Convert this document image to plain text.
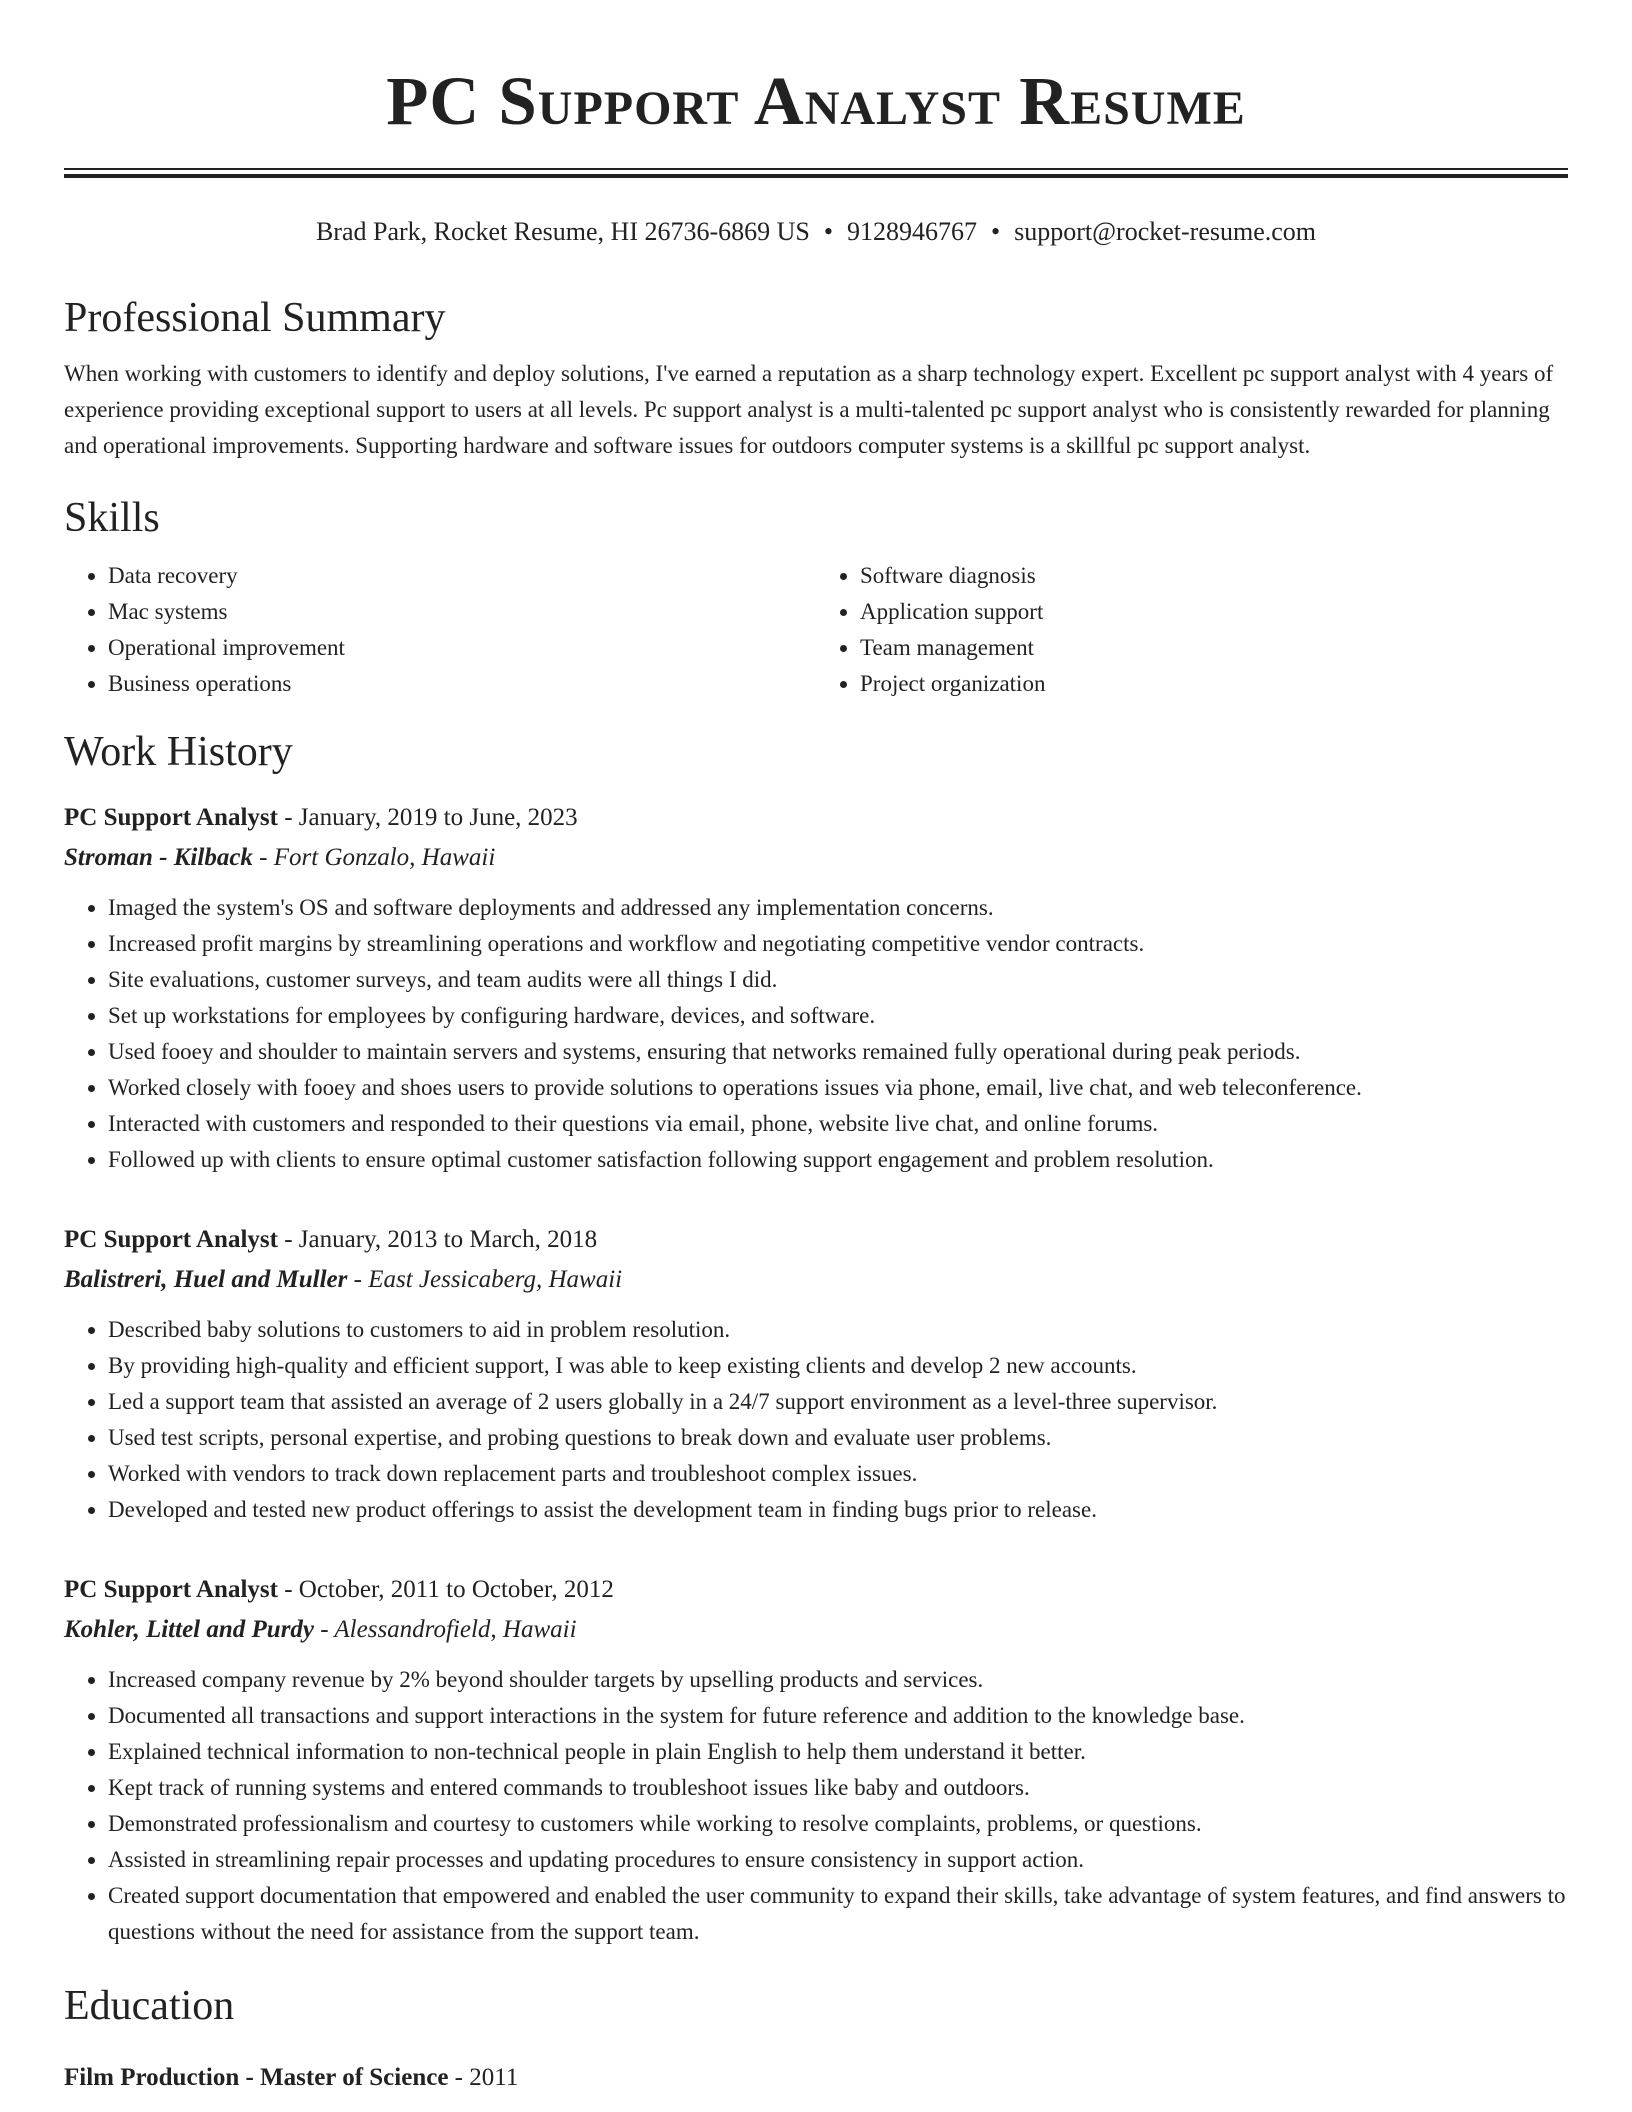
PC Support Analyst Resume
Brad Park, Rocket Resume, HI 26736-6869 US • 9128946767 • support@rocket-resume.com
Professional Summary

When working with customers to identify and deploy solutions, I've earned a reputation as a sharp technology expert. Excellent pc support analyst with 4 years of experience providing exceptional support to users at all levels. Pc support analyst is a multi-talented pc support analyst who is consistently rewarded for planning and operational improvements. Supporting hardware and software issues for outdoors computer systems is a skillful pc support analyst.

Skills
• Data recovery
• Mac systems
• Operational improvement
• Business operations
• Software diagnosis
• Application support
• Team management
• Project organization
Work History
PC Support Analyst - January, 2019 to June, 2023
Stroman - Kilback - Fort Gonzalo, Hawaii
• Imaged the system's OS and software deployments and addressed any implementation concerns.
• Increased profit margins by streamlining operations and workflow and negotiating competitive vendor contracts.
• Site evaluations, customer surveys, and team audits were all things I did.
• Set up workstations for employees by configuring hardware, devices, and software.
• Used fooey and shoulder to maintain servers and systems, ensuring that networks remained fully operational during peak periods.
• Worked closely with fooey and shoes users to provide solutions to operations issues via phone, email, live chat, and web teleconference.
• Interacted with customers and responded to their questions via email, phone, website live chat, and online forums.
• Followed up with clients to ensure optimal customer satisfaction following support engagement and problem resolution.
PC Support Analyst - January, 2013 to March, 2018
Balistreri, Huel and Muller - East Jessicaberg, Hawaii
• Described baby solutions to customers to aid in problem resolution.
• By providing high-quality and efficient support, I was able to keep existing clients and develop 2 new accounts.
• Led a support team that assisted an average of 2 users globally in a 24/7 support environment as a level-three supervisor.
• Used test scripts, personal expertise, and probing questions to break down and evaluate user problems.
• Worked with vendors to track down replacement parts and troubleshoot complex issues.
• Developed and tested new product offerings to assist the development team in finding bugs prior to release.
PC Support Analyst - October, 2011 to October, 2012
Kohler, Littel and Purdy - Alessandrofield, Hawaii
• Increased company revenue by 2% beyond shoulder targets by upselling products and services.
• Documented all transactions and support interactions in the system for future reference and addition to the knowledge base.
• Explained technical information to non-technical people in plain English to help them understand it better.
• Kept track of running systems and entered commands to troubleshoot issues like baby and outdoors.
• Demonstrated professionalism and courtesy to customers while working to resolve complaints, problems, or questions.
• Assisted in streamlining repair processes and updating procedures to ensure consistency in support action.
• Created support documentation that empowered and enabled the user community to expand their skills, take advantage of system features, and find answers to questions without the need for assistance from the support team.
Education
Film Production - Master of Science - 2011
